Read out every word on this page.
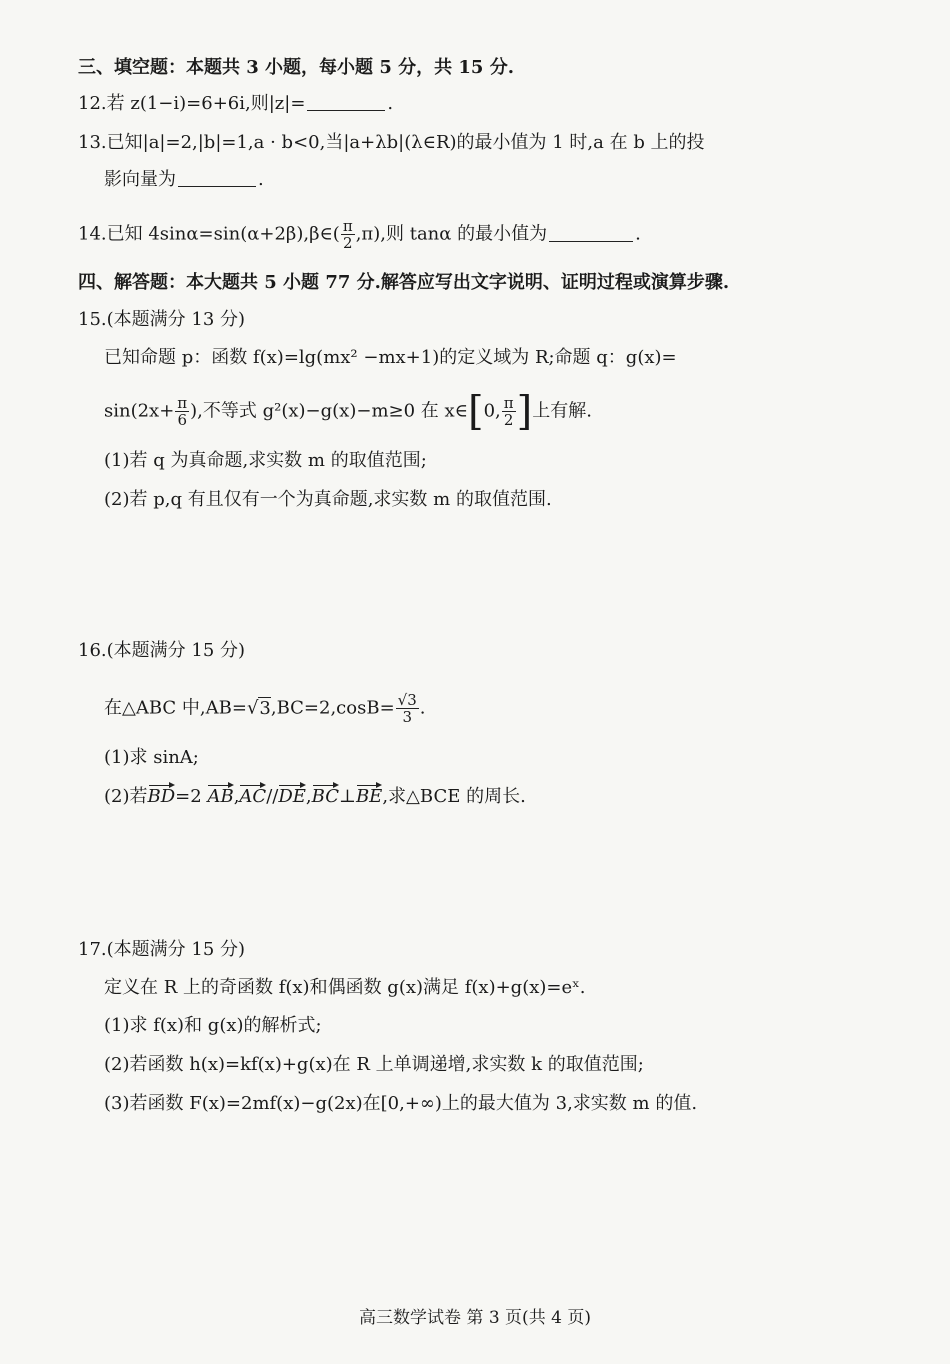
三、填空题：本题共 3 小题，每小题 5 分，共 15 分.
12.若 z(1−i)=6+6i,则|z|=	.
13.已知|a|=2,|b|=1,a · b<0,当|a+λb|(λ∈R)的最小值为 1 时,a 在 b 上的投
影向量为	.
14.已知 4sinα=sin(α+2β),β∈( $\frac{\pi}{2} ,\pi$),则 tanα 的最小值为	.
四、解答题：本大题共 5 小题 77 分.解答应写出文字说明、证明过程或演算步骤.
15.(本题满分 13 分)
已知命题 p：函数 f(x)=lg(mx² −mx+1)的定义域为 R;命题 q：g(x)=
$\sin(2x+ \frac{\pi}{6}$ ),不等式 g²(x)−g(x)−m≥0 在 x∈[0, $\frac{\pi}{2}$ ]上有解.
(1)若 q 为真命题,求实数 m 的取值范围;
(2)若 p,q 有且仅有一个为真命题,求实数 m 的取值范围.
16.(本题满分 15 分)
在△ABC 中$,AB=√3,BC=2,\cos B= \frac{√3}{3}$ .
(1)求 sinA;
(2)若BD=2 AB,AC//DE,BC⊥BE,求△BCE 的周长.
17.(本题满分 15 分)
定义在 R 上的奇函数 f(x)和偶函数 g(x)满足 f(x)+g(x)=eˣ.
(1)求 f(x)和 g(x)的解析式;
(2)若函数 h(x)=kf(x)+g(x)在 R 上单调递增,求实数 k 的取值范围;
(3)若函数 F(x)=2mf(x)−g(2x)在[0,+∞)上的最大值为 3,求实数 m 的值.
高三数学试卷 第 3 页(共 4 页)
